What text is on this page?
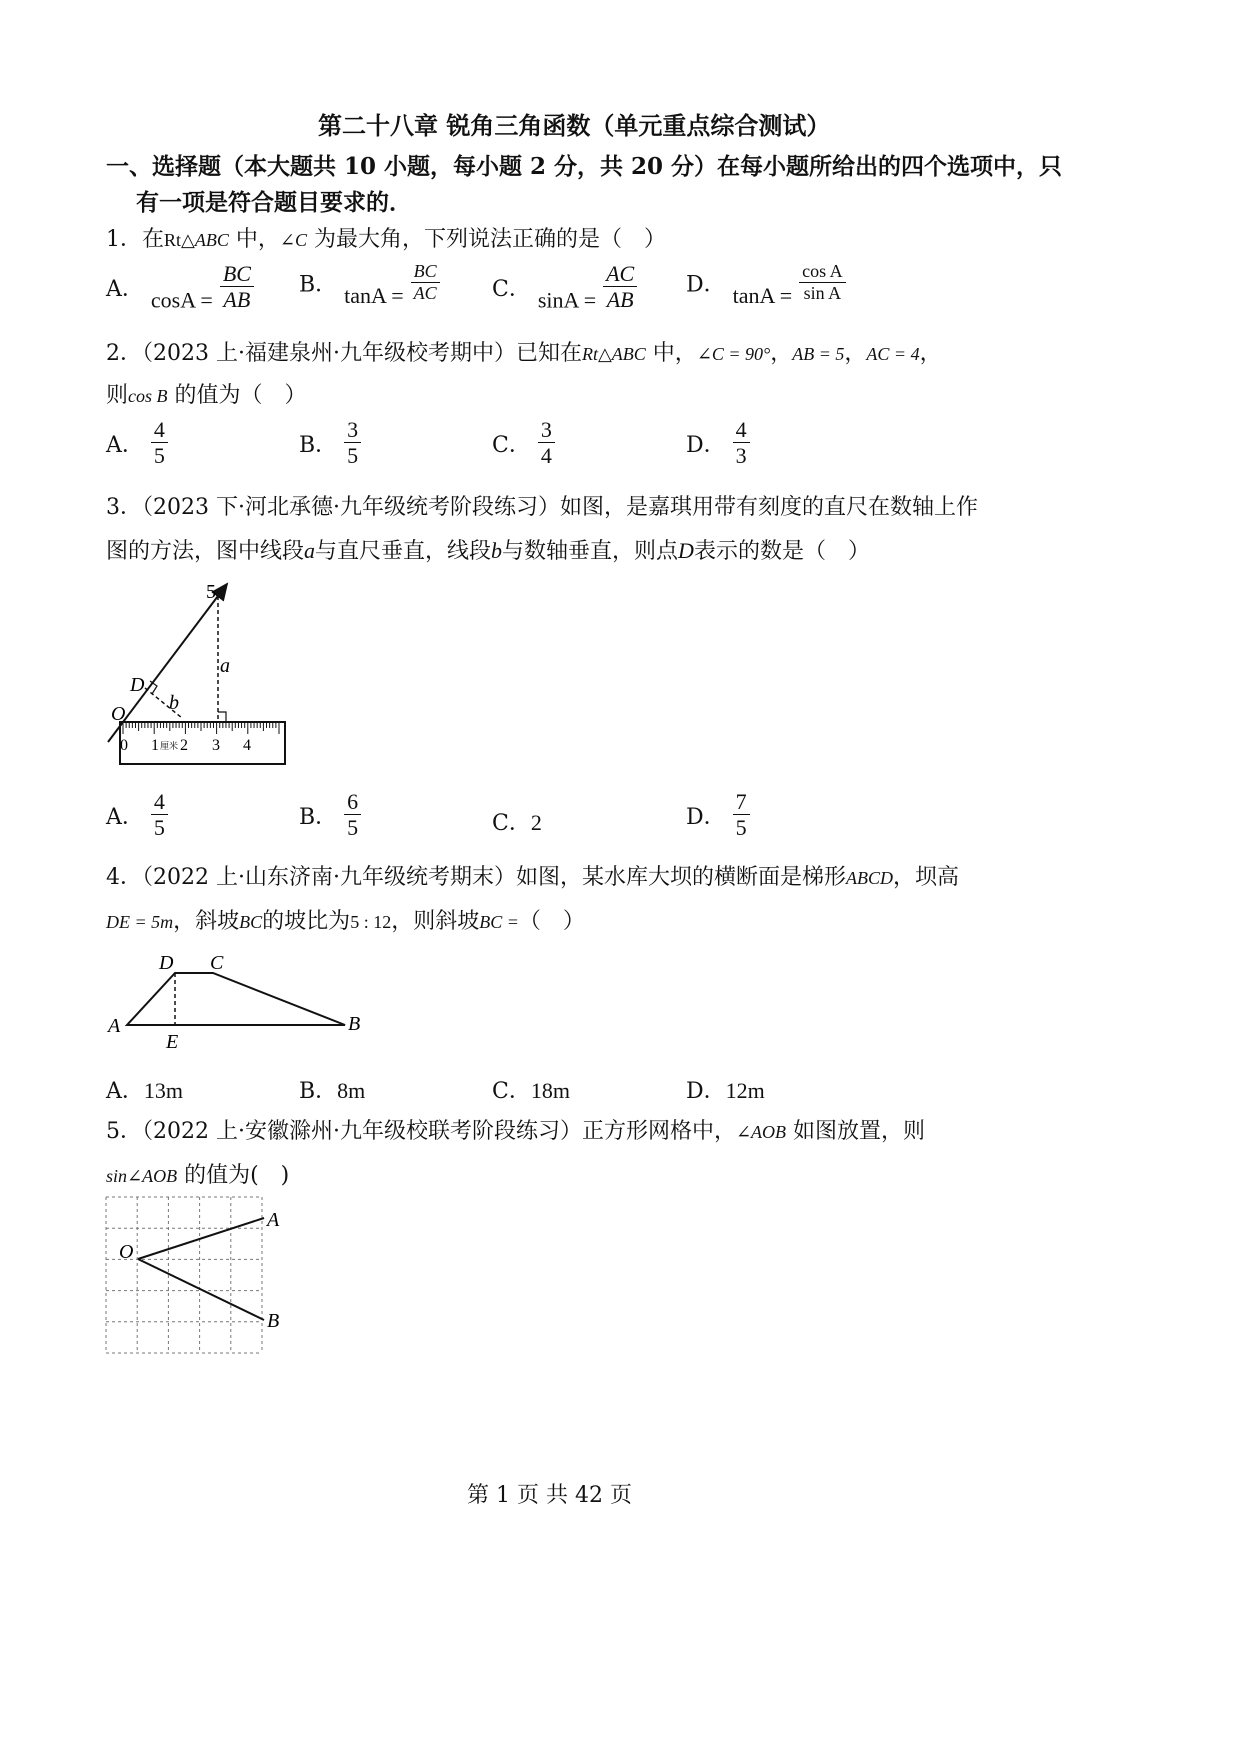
第二十八章 锐角三角函数（单元重点综合测试）
一、选择题（本大题共 10 小题，每小题 2 分，共 20 分）在每小题所给出的四个选项中，只
有一项是符合题目要求的．
1．在Rt△ABC 中，∠C 为最大角，下列说法正确的是（　）
A． $\cos A = \frac{BC}{AB}$ B． $\tan A = \frac{BC}{AC}$ C． $\sin A = \frac{AC}{AB}$ D． $\tan A = \frac{\text{cos A}}{\text{sin A}}$
2．（2023 上·福建泉州·九年级校考期中）已知在Rt△ABC 中，∠C = 90°，AB = 5，AC = 4，
则cos B 的值为（　）
A． $\frac{4}{5}$	B． $\frac{3}{5}$	C． $\frac{3}{4}$	D． $\frac{4}{3}$
3．（2023 下·河北承德·九年级统考阶段练习）如图，是嘉琪用带有刻度的直尺在数轴上作
图的方法，图中线段a与直尺垂直，线段b与数轴垂直，则点D表示的数是（　）
O
D
b
a
5
0 1 厘米 2 3 4
A． $\frac{4}{5}$	B． $\frac{6}{5}$	C．2	D． $\frac{7}{5}$
4．（2022 上·山东济南·九年级统考期末）如图，某水库大坝的横断面是梯形ABCD，坝高
DE = 5m，斜坡BC的坡比为5 : 12，则斜坡BC =（　）
A	B
C
D
E
A．13m	B．8m	C．18m	D．12m
5．（2022 上·安徽滁州·九年级校联考阶段练习）正方形网格中，∠AOB 如图放置，则
sin∠AOB 的值为(　)
O
A
B
第 1 页 共 42 页
